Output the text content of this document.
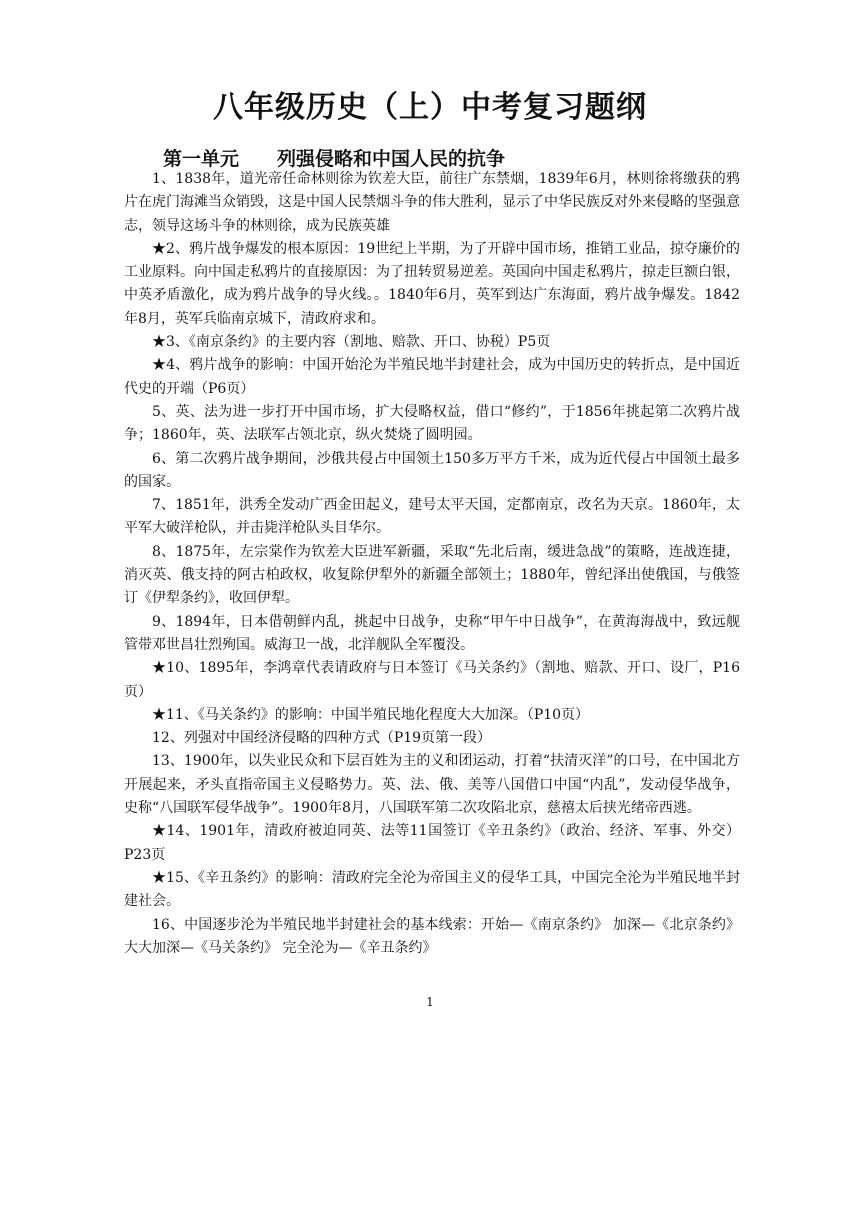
八年级历史（上）中考复习题纲
第一单元　　列强侵略和中国人民的抗争

1、1838年，道光帝任命林则徐为钦差大臣，前往广东禁烟，1839年6月，林则徐将缴获的鸦片在虎门海滩当众销毁，这是中国人民禁烟斗争的伟大胜利，显示了中华民族反对外来侵略的坚强意志，领导这场斗争的林则徐，成为民族英雄

★2、鸦片战争爆发的根本原因：19世纪上半期，为了开辟中国市场，推销工业品，掠夺廉价的工业原料。向中国走私鸦片的直接原因：为了扭转贸易逆差。英国向中国走私鸦片，掠走巨额白银，中英矛盾激化，成为鸦片战争的导火线。。1840年6月，英军到达广东海面，鸦片战争爆发。1842年8月，英军兵临南京城下，清政府求和。

★3、《南京条约》的主要内容（割地、赔款、开口、协税）P5页

★4、鸦片战争的影响：中国开始沦为半殖民地半封建社会，成为中国历史的转折点，是中国近代史的开端（P6页）

5、英、法为进一步打开中国市场，扩大侵略权益，借口“修约”，于1856年挑起第二次鸦片战争；1860年，英、法联军占领北京，纵火焚烧了圆明园。

6、第二次鸦片战争期间，沙俄共侵占中国领土150多万平方千米，成为近代侵占中国领土最多的国家。

7、1851年，洪秀全发动广西金田起义，建号太平天国，定都南京，改名为天京。1860年，太平军大破洋枪队，并击毙洋枪队头目华尔。

8、1875年，左宗棠作为钦差大臣进军新疆，采取“先北后南，缓进急战”的策略，连战连捷，消灭英、俄支持的阿古柏政权，收复除伊犁外的新疆全部领土；1880年，曾纪泽出使俄国，与俄签订《伊犁条约》，收回伊犁。

9、1894年，日本借朝鲜内乱，挑起中日战争，史称“甲午中日战争”，在黄海海战中，致远舰管带邓世昌壮烈殉国。威海卫一战，北洋舰队全军覆没。

★10、1895年，李鸿章代表请政府与日本签订《马关条约》（割地、赔款、开口、设厂，P16页）

★11、《马关条约》的影响：中国半殖民地化程度大大加深。（P10页）

12、列强对中国经济侵略的四种方式（P19页第一段）

13、1900年，以失业民众和下层百姓为主的义和团运动，打着“扶清灭洋”的口号，在中国北方开展起来，矛头直指帝国主义侵略势力。英、法、俄、美等八国借口中国“内乱”，发动侵华战争，史称“八国联军侵华战争”。1900年8月，八国联军第二次攻陷北京，慈禧太后挟光绪帝西逃。

★14、1901年，清政府被迫同英、法等11国签订《辛丑条约》（政治、经济、军事、外交）P23页

★15、《辛丑条约》的影响：清政府完全沦为帝国主义的侵华工具，中国完全沦为半殖民地半封建社会。

16、中国逐步沦为半殖民地半封建社会的基本线索：开始—《南京条约》 加深—《北京条约》大大加深—《马关条约》 完全沦为—《辛丑条约》

1
